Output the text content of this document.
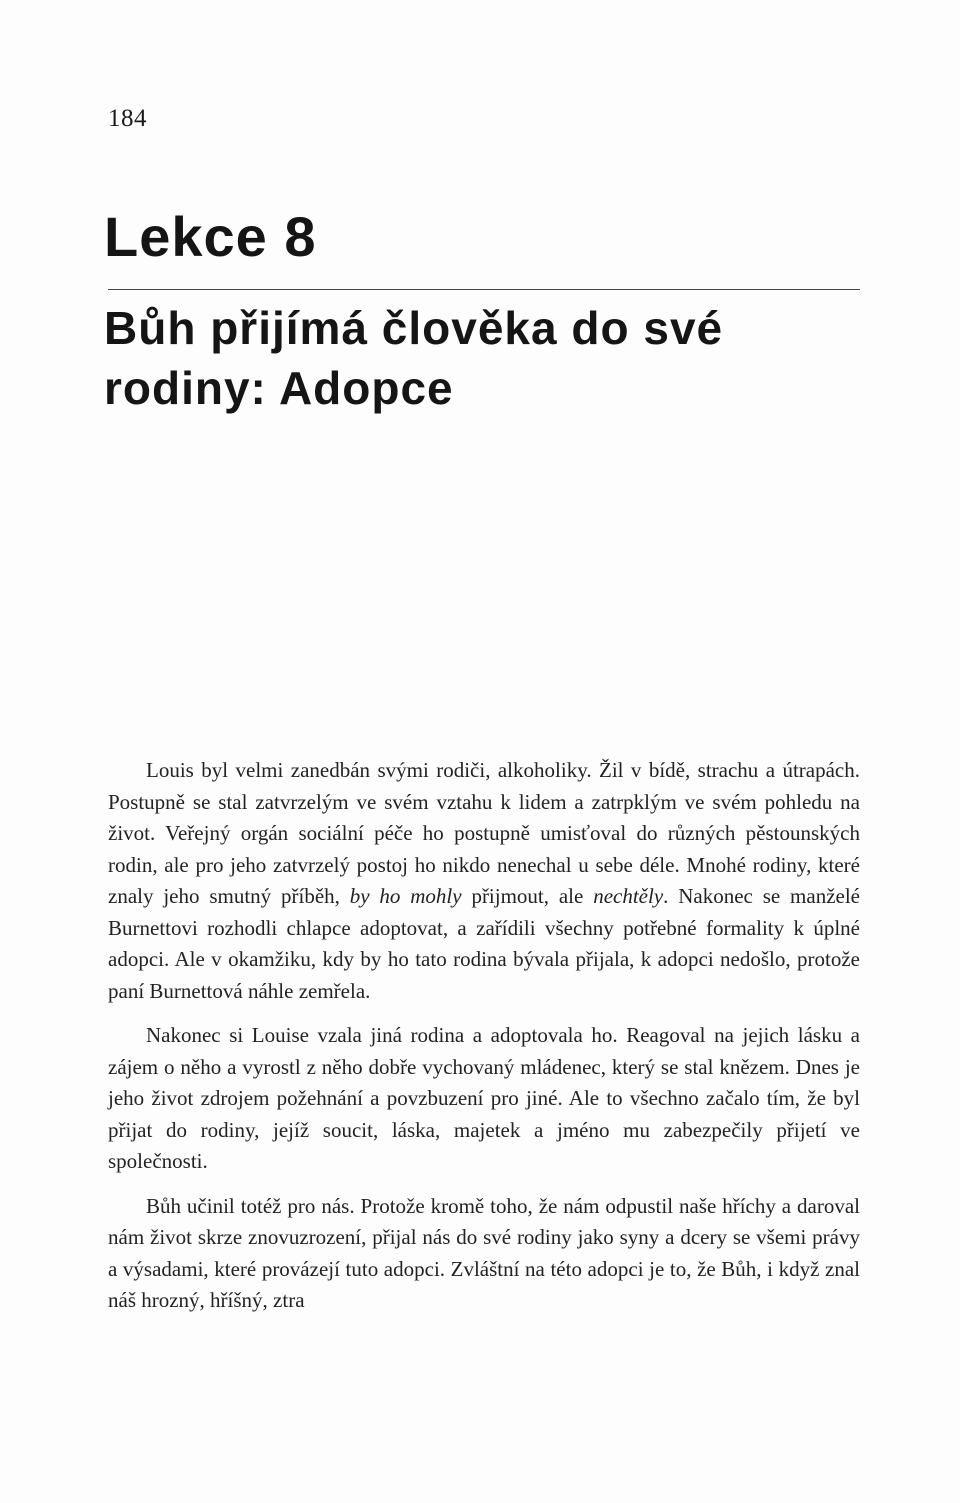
184
Lekce 8
Bůh přijímá člověka do své rodiny: Adopce

Louis byl velmi zanedbán svými rodiči, alkoholiky. Žil v bídě, strachu a útrapách. Postupně se stal zatvrzelým ve svém vztahu k lidem a zatrpklým ve svém pohledu na život. Veřejný orgán sociální péče ho postupně umisťoval do různých pěstounských rodin, ale pro jeho zatvrzelý postoj ho nikdo nenechal u sebe déle. Mnohé rodiny, které znaly jeho smutný příběh, by ho mohly přijmout, ale nechtěly. Nakonec se manželé Burnettovi rozhodli chlapce adoptovat, a zařídili všechny potřebné formality k úplné adopci. Ale v okamžiku, kdy by ho tato rodina bývala přijala, k adopci nedošlo, protože paní Burnettová náhle zemřela.

Nakonec si Louise vzala jiná rodina a adoptovala ho. Reagoval na jejich lásku a zájem o něho a vyrostl z něho dobře vychovaný mládenec, který se stal knězem. Dnes je jeho život zdrojem požehnání a povzbuzení pro jiné. Ale to všechno začalo tím, že byl přijat do rodiny, jejíž soucit, láska, majetek a jméno mu zabezpečily přijetí ve společnosti.

Bůh učinil totéž pro nás. Protože kromě toho, že nám odpustil naše hříchy a daroval nám život skrze znovuzrození, přijal nás do své rodiny jako syny a dcery se všemi právy a výsadami, které provázejí tuto adopci. Zvláštní na této adopci je to, že Bůh, i když znal náš hrozný, hříšný, ztra
